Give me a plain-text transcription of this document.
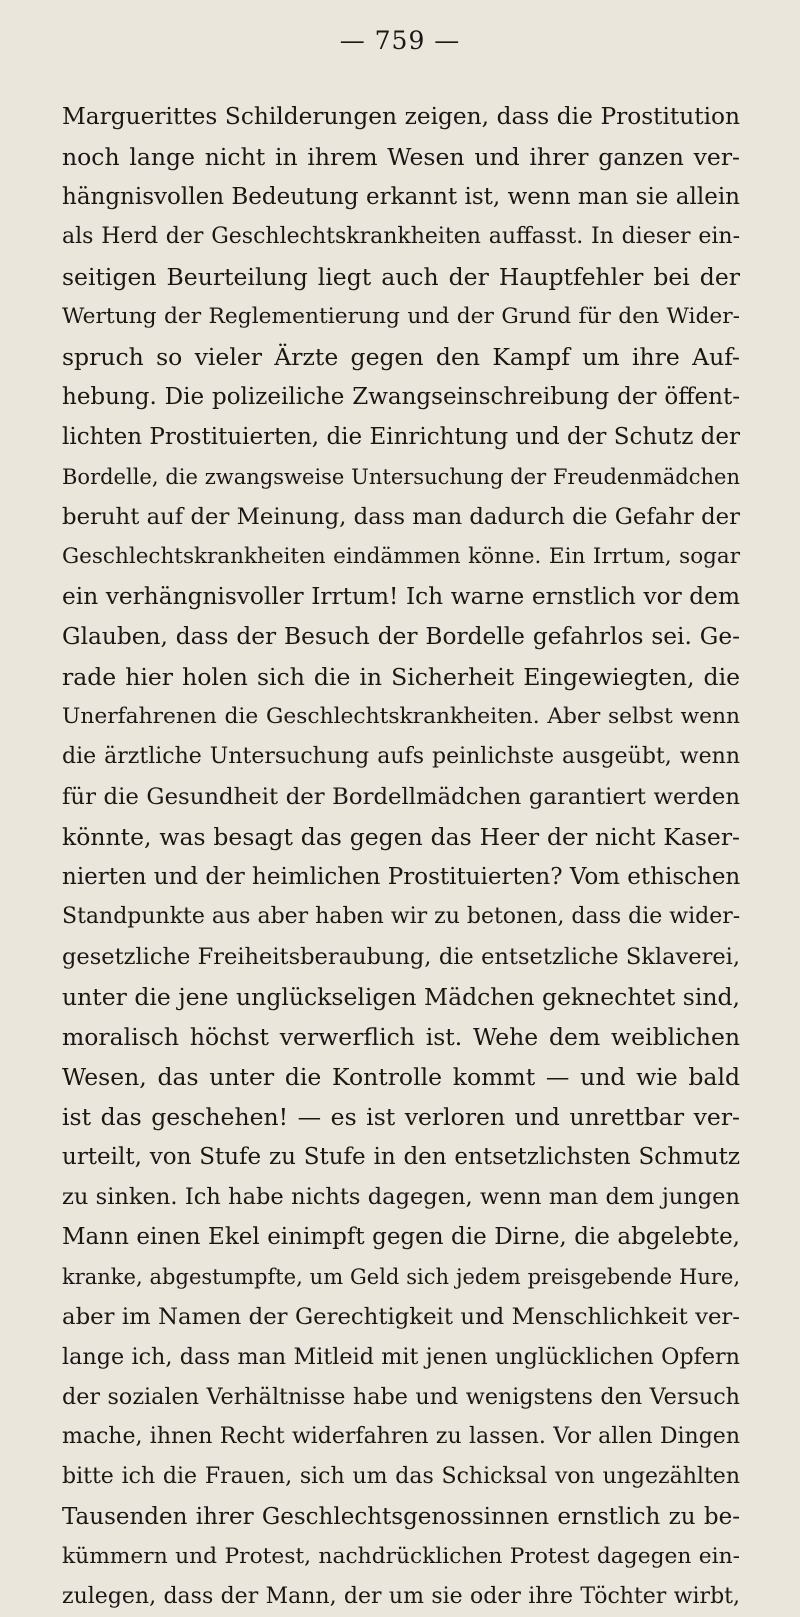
— 759 —
Marguerittes Schilderungen zeigen, dass die Prostitution
noch lange nicht in ihrem Wesen und ihrer ganzen ver-
hängnisvollen Bedeutung erkannt ist, wenn man sie allein
als Herd der Geschlechtskrankheiten auffasst. In dieser ein-
seitigen Beurteilung liegt auch der Hauptfehler bei der
Wertung der Reglementierung und der Grund für den Wider-
spruch so vieler Ärzte gegen den Kampf um ihre Auf-
hebung. Die polizeiliche Zwangseinschreibung der öffent-
lichten Prostituierten, die Einrichtung und der Schutz der
Bordelle, die zwangsweise Untersuchung der Freudenmädchen
beruht auf der Meinung, dass man dadurch die Gefahr der
Geschlechtskrankheiten eindämmen könne. Ein Irrtum, sogar
ein verhängnisvoller Irrtum! Ich warne ernstlich vor dem
Glauben, dass der Besuch der Bordelle gefahrlos sei. Ge-
rade hier holen sich die in Sicherheit Eingewiegten, die
Unerfahrenen die Geschlechtskrankheiten. Aber selbst wenn
die ärztliche Untersuchung aufs peinlichste ausgeübt, wenn
für die Gesundheit der Bordellmädchen garantiert werden
könnte, was besagt das gegen das Heer der nicht Kaser-
nierten und der heimlichen Prostituierten? Vom ethischen
Standpunkte aus aber haben wir zu betonen, dass die wider-
gesetzliche Freiheitsberaubung, die entsetzliche Sklaverei,
unter die jene unglückseligen Mädchen geknechtet sind,
moralisch höchst verwerflich ist. Wehe dem weiblichen
Wesen, das unter die Kontrolle kommt — und wie bald
ist das geschehen! — es ist verloren und unrettbar ver-
urteilt, von Stufe zu Stufe in den entsetzlichsten Schmutz
zu sinken. Ich habe nichts dagegen, wenn man dem jungen
Mann einen Ekel einimpft gegen die Dirne, die abgelebte,
kranke, abgestumpfte, um Geld sich jedem preisgebende Hure,
aber im Namen der Gerechtigkeit und Menschlichkeit ver-
lange ich, dass man Mitleid mit jenen unglücklichen Opfern
der sozialen Verhältnisse habe und wenigstens den Versuch
mache, ihnen Recht widerfahren zu lassen. Vor allen Dingen
bitte ich die Frauen, sich um das Schicksal von ungezählten
Tausenden ihrer Geschlechtsgenossinnen ernstlich zu be-
kümmern und Protest, nachdrücklichen Protest dagegen ein-
zulegen, dass der Mann, der um sie oder ihre Töchter wirbt,
